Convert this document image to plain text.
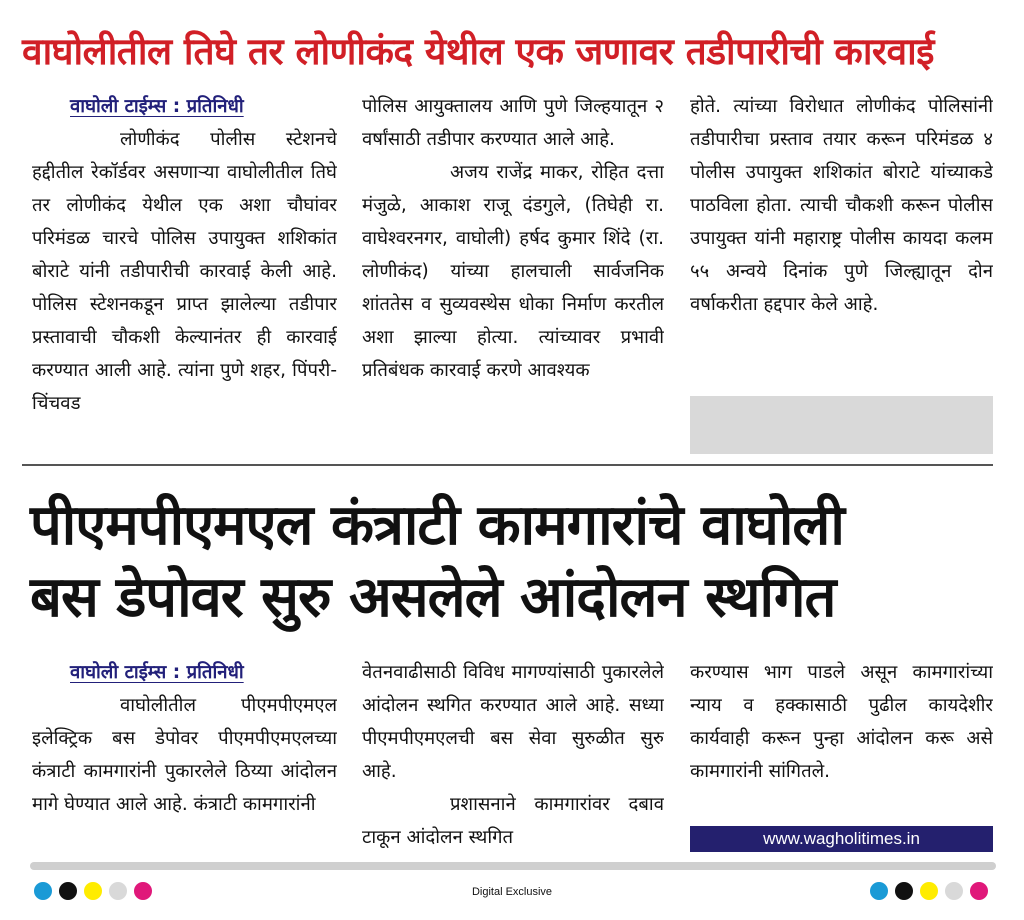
वाघोलीतील तिघे तर लोणीकंद येथील एक जणावर तडीपारीची कारवाई
वाघोली टाईम्स : प्रतिनिधी

लोणीकंद पोलीस स्टेशनचे हद्दीतील रेकॉर्डवर असणाऱ्या वाघोलीतील तिघे तर लोणीकंद येथील एक अशा चौघांवर परिमंडळ चारचे पोलिस उपायुक्त शशिकांत बोराटे यांनी तडीपारीची कारवाई केली आहे. पोलिस स्टेशनकडून प्राप्त झालेल्या तडीपार प्रस्तावाची चौकशी केल्यानंतर ही कारवाई करण्यात आली आहे. त्यांना पुणे शहर, पिंपरी-चिंचवड

पोलिस आयुक्तालय आणि पुणे जिल्हयातून २ वर्षांसाठी तडीपार करण्यात आले आहे.

अजय राजेंद्र माकर, रोहित दत्ता मंजुळे, आकाश राजू दंडगुले, (तिघेही रा. वाघेश्वरनगर, वाघोली) हर्षद कुमार शिंदे (रा. लोणीकंद) यांच्या हालचाली सार्वजनिक शांततेस व सुव्यवस्थेस धोका निर्माण करतील अशा झाल्या होत्या. त्यांच्यावर प्रभावी प्रतिबंधक कारवाई करणे आवश्यक

होते. त्यांच्या विरोधात लोणीकंद पोलिसांनी तडीपारीचा प्रस्ताव तयार करून परिमंडळ ४ पोलीस उपायुक्त शशिकांत बोराटे यांच्याकडे पाठविला होता. त्याची चौकशी करून पोलीस उपायुक्त यांनी महाराष्ट्र पोलीस कायदा कलम ५५ अन्वये दिनांक पुणे जिल्ह्यातून दोन वर्षाकरीता हद्दपार केले आहे.

पीएमपीएमएल कंत्राटी कामगारांचे वाघोली
बस डेपोवर सुरु असलेले आंदोलन स्थगित
वाघोली टाईम्स : प्रतिनिधी

वाघोलीतील पीएमपीएमएल इलेक्ट्रिक बस डेपोवर पीएमपीएमएलच्या कंत्राटी कामगारांनी पुकारलेले ठिय्या आंदोलन मागे घेण्यात आले आहे. कंत्राटी कामगारांनी

वेतनवाढीसाठी विविध मागण्यांसाठी पुकारलेले आंदोलन स्थगित करण्यात आले आहे. सध्या पीएमपीएमएलची बस सेवा सुरुळीत सुरु आहे.

प्रशासनाने कामगारांवर दबाव टाकून आंदोलन स्थगित

करण्यास भाग पाडले असून कामगारांच्या न्याय व हक्कासाठी पुढील कायदेशीर कार्यवाही करून पुन्हा आंदोलन करू असे कामगारांनी सांगितले.

www.wagholitimes.in
Digital Exclusive
